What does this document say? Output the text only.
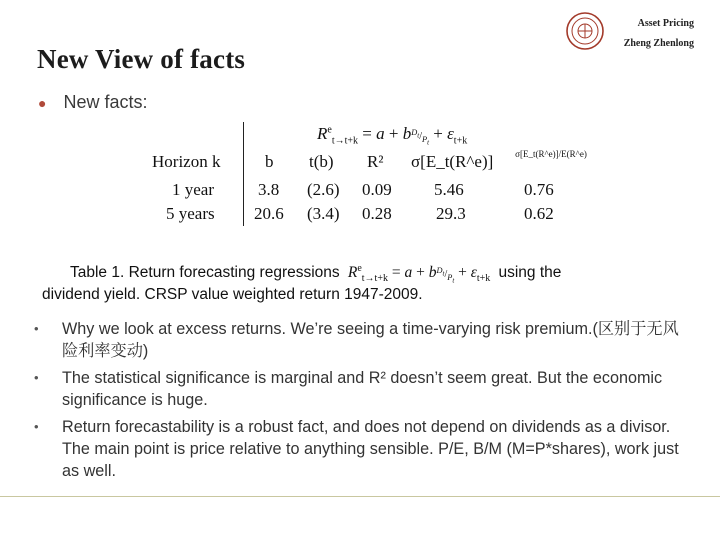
Asset Pricing
Zheng Zhenlong
New View of facts
● New facts:
$R^e_{t\to t+k} = a + b^{D_t}/_{P_t} + \varepsilon_{t+k}$
Horizon k	b t(b) R² σ[E_t(R^e)]	σ[E_t(R^e)]/E(R^e)
1 year	3.8 (2.6) 0.09 5.46	0.76
5 years 20.6 (3.4) 0.28	29.3	0.62
Table 1. Return forecasting regressions $R^e_{t\to t+k} = a + b^{D_t}/_{P_t} + \varepsilon_{t+k}$ using the
dividend yield. CRSP value weighted return 1947-2009.
• Why we look at excess returns. We’re seeing a time-varying risk premium.(区别于无风险利率变动)
• The statistical significance is marginal and R² doesn’t seem great. But the economic significance is huge.
• Return forecastability is a robust fact, and does not depend on dividends as a divisor. The main point is price relative to anything sensible. P/E, B/M (M=P*shares), work just as well.
